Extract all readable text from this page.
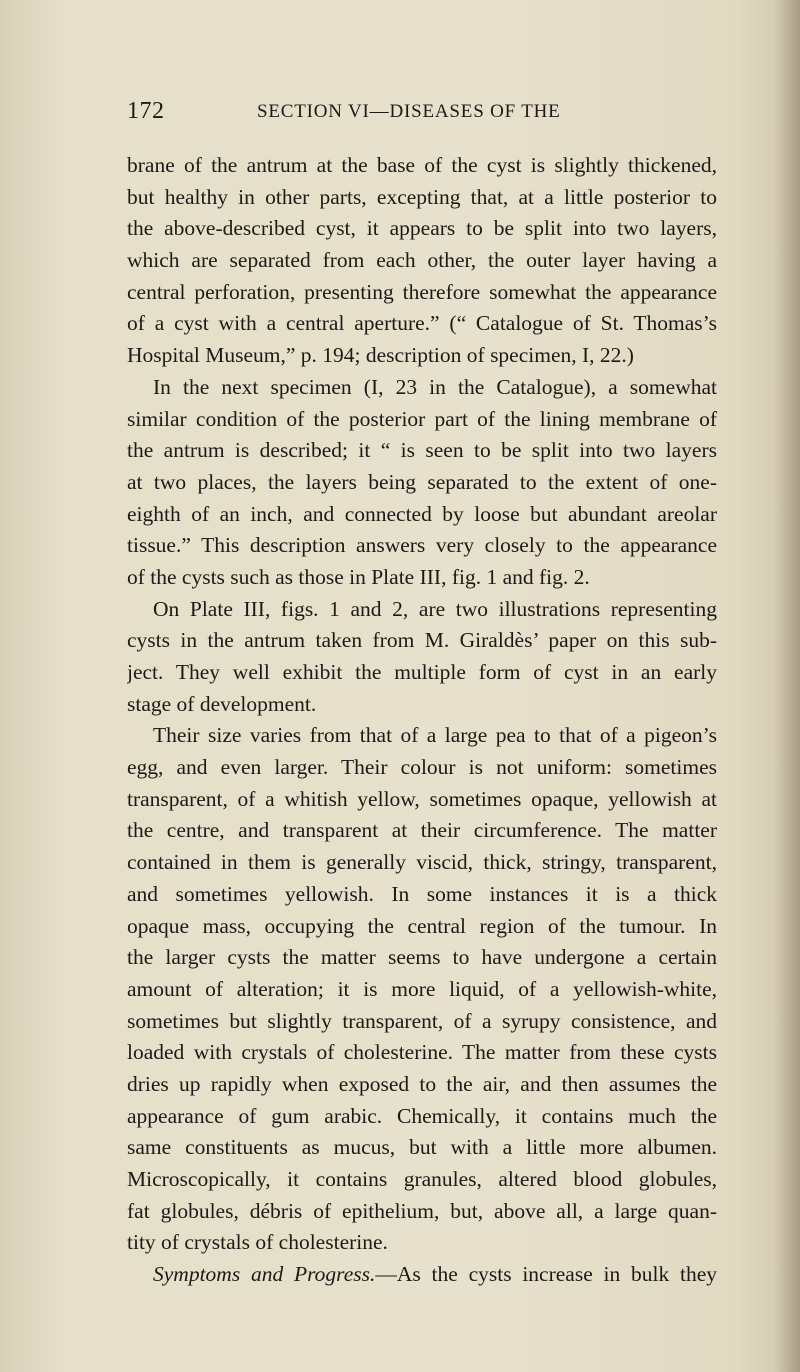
172	SECTION VI—DISEASES OF THE
brane of the antrum at the base of the cyst is slightly thickened,
but healthy in other parts, excepting that, at a little posterior to
the above-described cyst, it appears to be split into two layers,
which are separated from each other, the outer layer having a
central perforation, presenting therefore somewhat the appearance
of a cyst with a central aperture.” (“ Catalogue of St. Thomas’s
Hospital Museum,” p. 194; description of specimen, I, 22.)
In the next specimen (I, 23 in the Catalogue), a somewhat
similar condition of the posterior part of the lining membrane of
the antrum is described; it “ is seen to be split into two layers
at two places, the layers being separated to the extent of one-
eighth of an inch, and connected by loose but abundant areolar
tissue.” This description answers very closely to the appearance
of the cysts such as those in Plate III, fig. 1 and fig. 2.
On Plate III, figs. 1 and 2, are two illustrations representing
cysts in the antrum taken from M. Giraldès’ paper on this sub-
ject. They well exhibit the multiple form of cyst in an early
stage of development.
Their size varies from that of a large pea to that of a pigeon’s
egg, and even larger. Their colour is not uniform: sometimes
transparent, of a whitish yellow, sometimes opaque, yellowish at
the centre, and transparent at their circumference. The matter
contained in them is generally viscid, thick, stringy, transparent,
and sometimes yellowish. In some instances it is a thick
opaque mass, occupying the central region of the tumour. In
the larger cysts the matter seems to have undergone a certain
amount of alteration; it is more liquid, of a yellowish-white,
sometimes but slightly transparent, of a syrupy consistence, and
loaded with crystals of cholesterine. The matter from these cysts
dries up rapidly when exposed to the air, and then assumes the
appearance of gum arabic. Chemically, it contains much the
same constituents as mucus, but with a little more albumen.
Microscopically, it contains granules, altered blood globules,
fat globules, débris of epithelium, but, above all, a large quan-
tity of crystals of cholesterine.
Symptoms and Progress.—As the cysts increase in bulk they
